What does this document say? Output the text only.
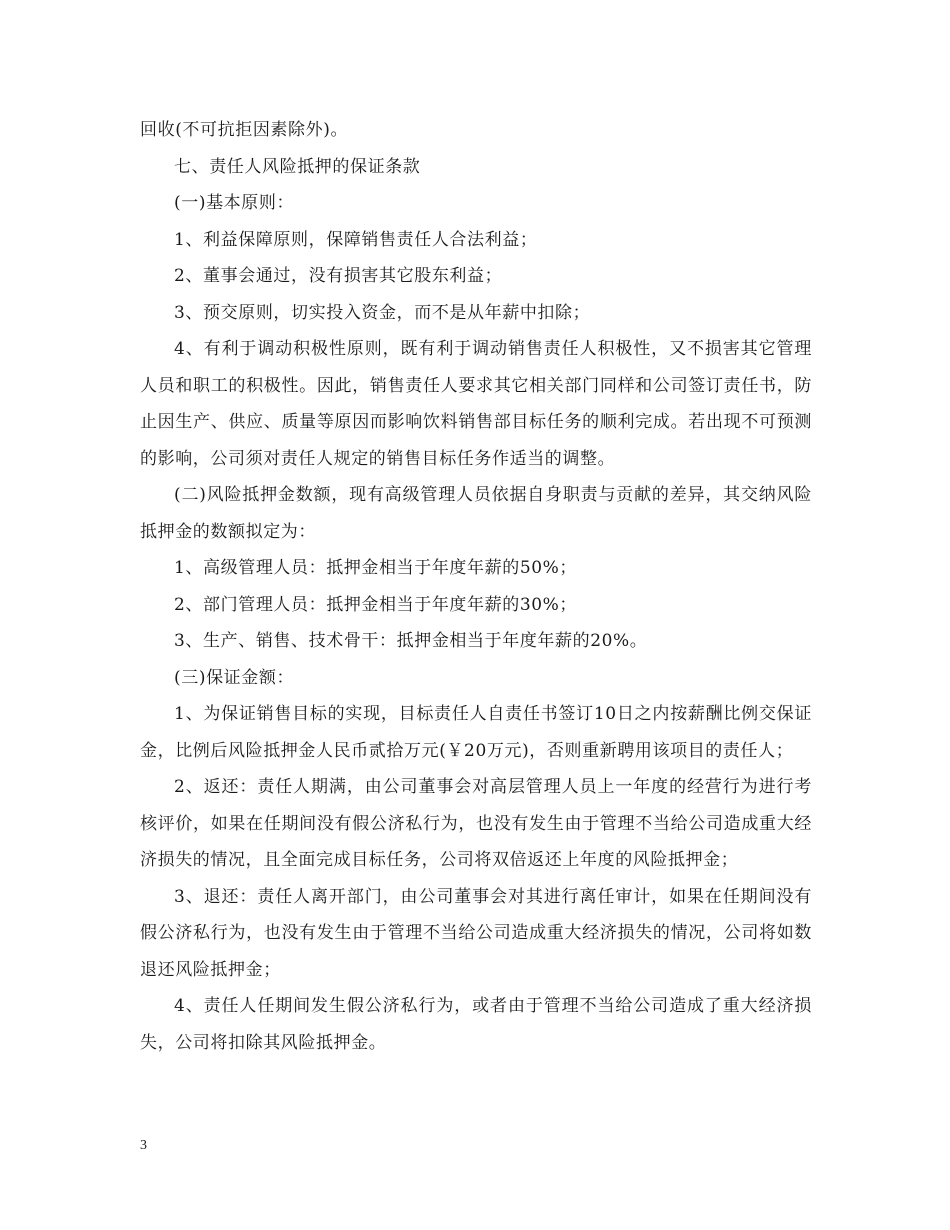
回收(不可抗拒因素除外)。

七、责任人风险抵押的保证条款

(一)基本原则：

1、利益保障原则，保障销售责任人合法利益；

2、董事会通过，没有损害其它股东利益；

3、预交原则，切实投入资金，而不是从年薪中扣除；

4、有利于调动积极性原则，既有利于调动销售责任人积极性，又不损害其它管理人员和职工的积极性。因此，销售责任人要求其它相关部门同样和公司签订责任书，防止因生产、供应、质量等原因而影响饮料销售部目标任务的顺利完成。若出现不可预测的影响，公司须对责任人规定的销售目标任务作适当的调整。

(二)风险抵押金数额，现有高级管理人员依据自身职责与贡献的差异，其交纳风险抵押金的数额拟定为：

1、高级管理人员：抵押金相当于年度年薪的50%；

2、部门管理人员：抵押金相当于年度年薪的30%；

3、生产、销售、技术骨干：抵押金相当于年度年薪的20%。

(三)保证金额：

1、为保证销售目标的实现，目标责任人自责任书签订10日之内按薪酬比例交保证金，比例后风险抵押金人民币贰拾万元(￥20万元)，否则重新聘用该项目的责任人；

2、返还：责任人期满，由公司董事会对高层管理人员上一年度的经营行为进行考核评价，如果在任期间没有假公济私行为，也没有发生由于管理不当给公司造成重大经济损失的情况，且全面完成目标任务，公司将双倍返还上年度的风险抵押金；

3、退还：责任人离开部门，由公司董事会对其进行离任审计，如果在任期间没有假公济私行为，也没有发生由于管理不当给公司造成重大经济损失的情况，公司将如数退还风险抵押金；

4、责任人任期间发生假公济私行为，或者由于管理不当给公司造成了重大经济损失，公司将扣除其风险抵押金。

3
